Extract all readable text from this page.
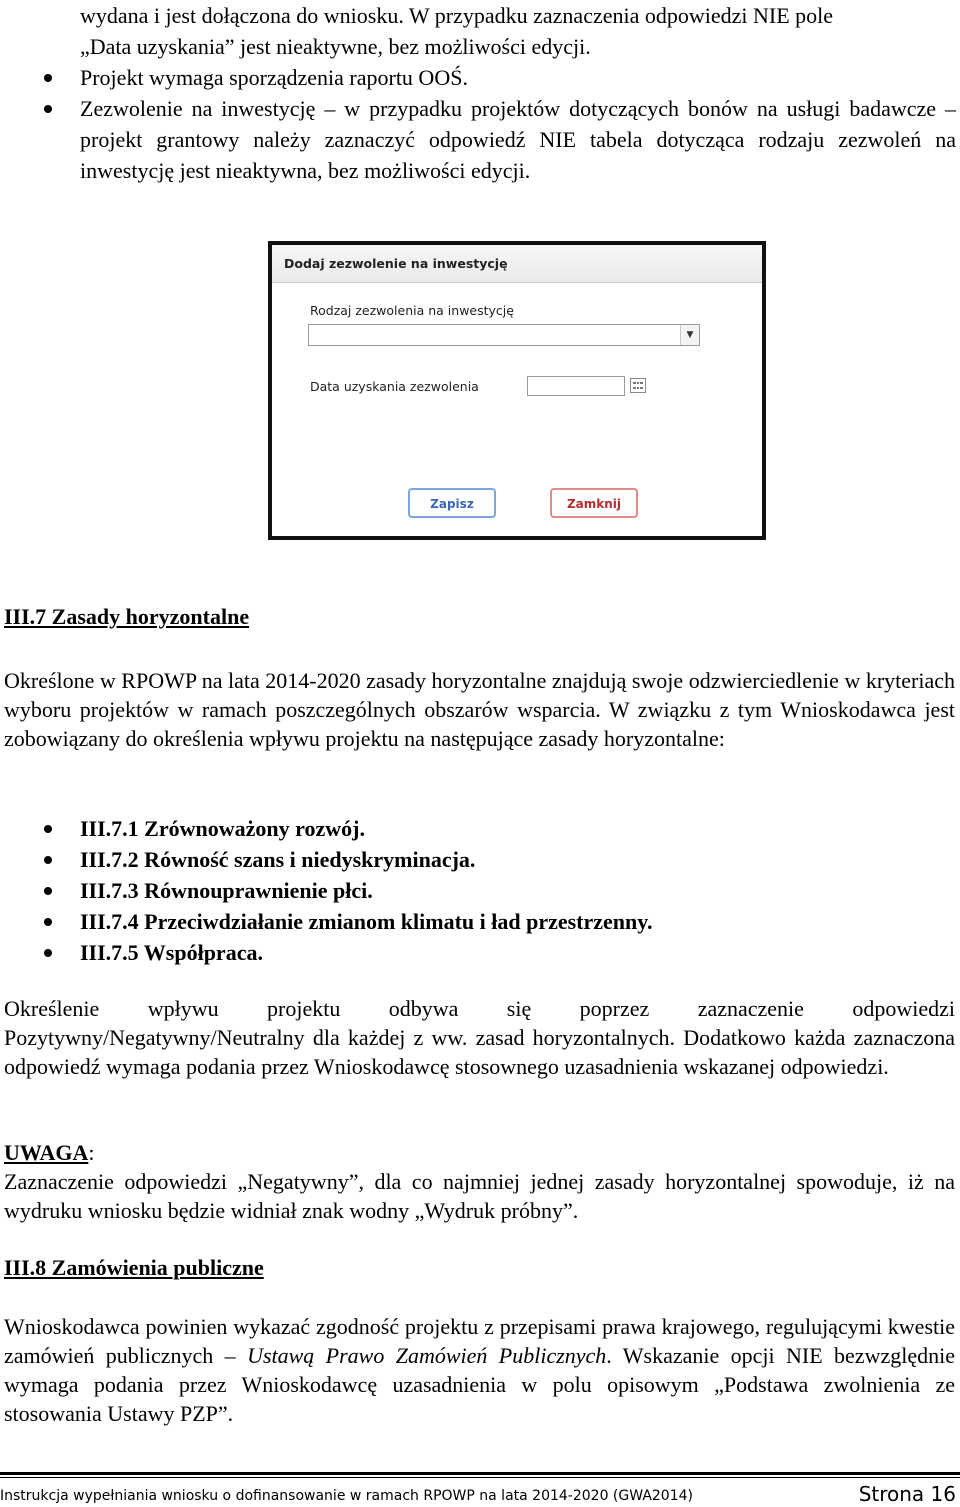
wydana i jest dołączona do wniosku. W przypadku zaznaczenia odpowiedzi NIE pole
„Data uzyskania” jest nieaktywne, bez możliwości edycji.
Projekt wymaga sporządzenia raportu OOŚ.
Zezwolenie na inwestycję – w przypadku projektów dotyczących bonów na usługi badawcze – projekt grantowy należy zaznaczyć odpowiedź NIE tabela dotycząca rodzaju zezwoleń na inwestycję jest nieaktywna, bez możliwości edycji.
Dodaj zezwolenie na inwestycję
Rodzaj zezwolenia na inwestycję
▼
Data uzyskania zezwolenia
Zapisz	Zamknij
III.7 Zasady horyzontalne
Określone w RPOWP na lata 2014-2020 zasady horyzontalne znajdują swoje odzwierciedlenie w kryteriach wyboru projektów w ramach poszczególnych obszarów wsparcia. W związku z tym Wnioskodawca jest zobowiązany do określenia wpływu projektu na następujące zasady horyzontalne:
III.7.1 Zrównoważony rozwój.
III.7.2 Równość szans i niedyskryminacja.
III.7.3 Równouprawnienie płci.
III.7.4 Przeciwdziałanie zmianom klimatu i ład przestrzenny.
III.7.5 Współpraca.
Określenie wpływu projektu odbywa się poprzez zaznaczenie odpowiedzi Pozytywny/Negatywny/Neutralny dla każdej z ww. zasad horyzontalnych. Dodatkowo każda zaznaczona odpowiedź wymaga podania przez Wnioskodawcę stosownego uzasadnienia wskazanej odpowiedzi.
UWAGA:
Zaznaczenie odpowiedzi „Negatywny”, dla co najmniej jednej zasady horyzontalnej spowoduje, iż na wydruku wniosku będzie widniał znak wodny „Wydruk próbny”.
III.8 Zamówienia publiczne
Wnioskodawca powinien wykazać zgodność projektu z przepisami prawa krajowego, regulującymi kwestie zamówień publicznych – Ustawą Prawo Zamówień Publicznych. Wskazanie opcji NIE bezwzględnie wymaga podania przez Wnioskodawcę uzasadnienia w polu opisowym „Podstawa zwolnienia ze stosowania Ustawy PZP”.
Instrukcja wypełniania wniosku o dofinansowanie w ramach RPOWP na lata 2014-2020 (GWA2014)	Strona 16
